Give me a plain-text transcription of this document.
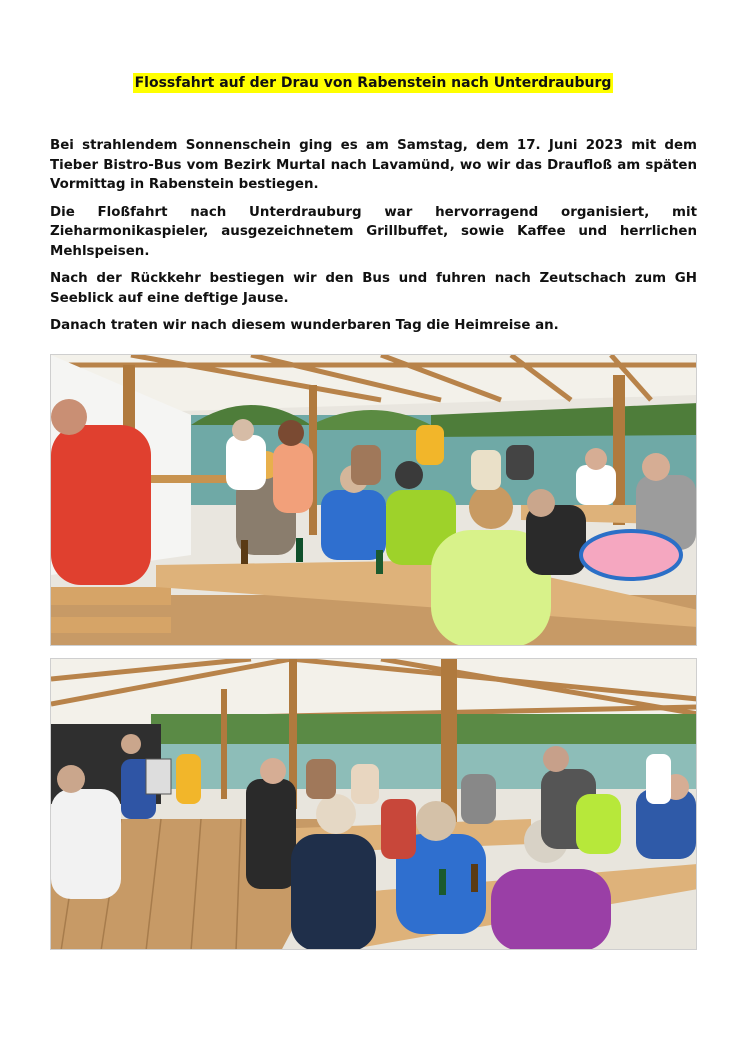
Flossfahrt auf der Drau von Rabenstein nach Unterdrauburg

Bei strahlendem Sonnenschein ging es am Samstag, dem 17. Juni 2023 mit dem Tieber Bistro-Bus vom Bezirk Murtal nach Lavamünd, wo wir das Draufloß am späten Vormittag in Rabenstein bestiegen.

Die Floßfahrt nach Unterdrauburg war hervorragend organisiert, mit Zieharmonikaspieler, ausgezeichnetem Grillbuffet, sowie Kaffee und herrlichen Mehlspeisen.

Nach der Rückkehr bestiegen wir den Bus und fuhren nach Zeutschach zum GH Seeblick auf eine deftige Jause.

Danach traten wir nach diesem wunderbaren Tag die Heimreise an.
